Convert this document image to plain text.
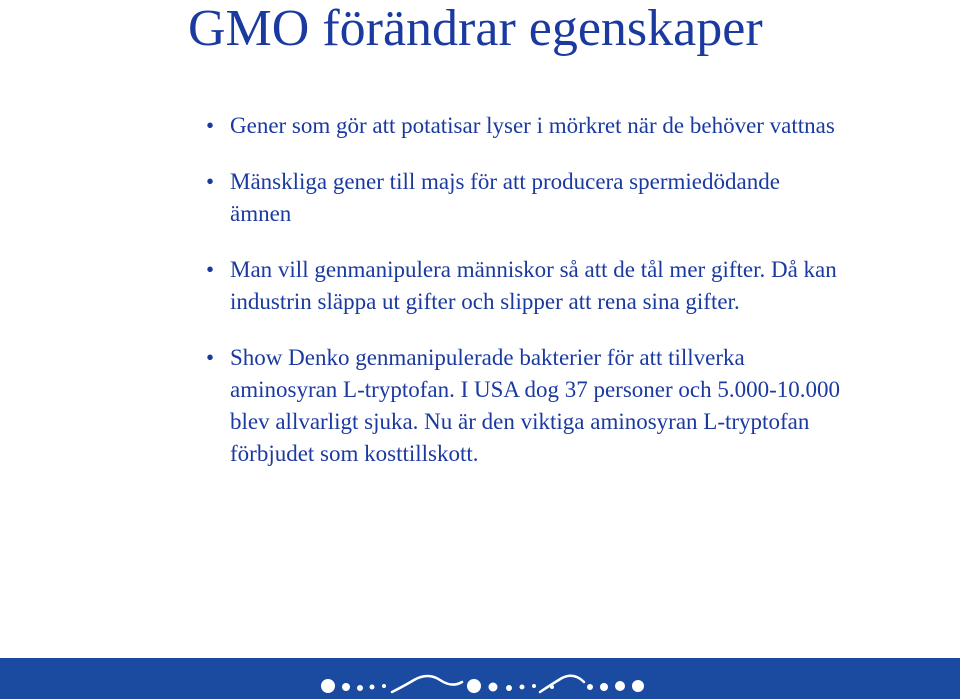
GMO förändrar egenskaper
• Gener som gör att potatisar lyser i mörkret när de behöver vattnas
• Mänskliga gener till majs för att producera spermiedödande ämnen
• Man vill genmanipulera människor så att de tål mer gifter. Då kan industrin släppa ut gifter och slipper att rena sina gifter.
• Show Denko genmanipulerade bakterier för att tillverka aminosyran L-tryptofan. I USA dog 37 personer och 5.000-10.000 blev allvarligt sjuka. Nu är den viktiga aminosyran L-tryptofan förbjudet som kosttillskott.
